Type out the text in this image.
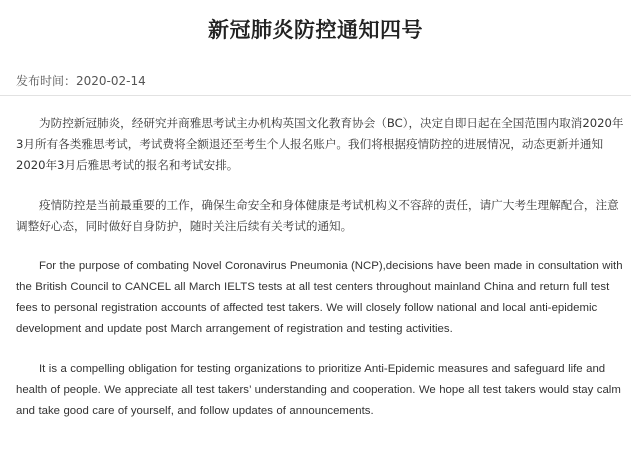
新冠肺炎防控通知四号
发布时间：2020-02-14

为防控新冠肺炎，经研究并商雅思考试主办机构英国文化教育协会（BC），决定自即日起在全国范围内取消2020年3月所有各类雅思考试，考试费将全额退还至考生个人报名账户。我们将根据疫情防控的进展情况，动态更新并通知2020年3月后雅思考试的报名和考试安排。

疫情防控是当前最重要的工作，确保生命安全和身体健康是考试机构义不容辞的责任，请广大考生理解配合，注意调整好心态，同时做好自身防护，随时关注后续有关考试的通知。

For the purpose of combating Novel Coronavirus Pneumonia (NCP),decisions have been made in consultation with the British Council to CANCEL all March IELTS tests at all test centers throughout mainland China and return full test fees to personal registration accounts of affected test takers. We will closely follow national and local anti-epidemic development and update post March arrangement of registration and testing activities.

It is a compelling obligation for testing organizations to prioritize Anti-Epidemic measures and safeguard life and health of people. We appreciate all test takers’ understanding and cooperation. We hope all test takers would stay calm and take good care of yourself, and follow updates of announcements.
